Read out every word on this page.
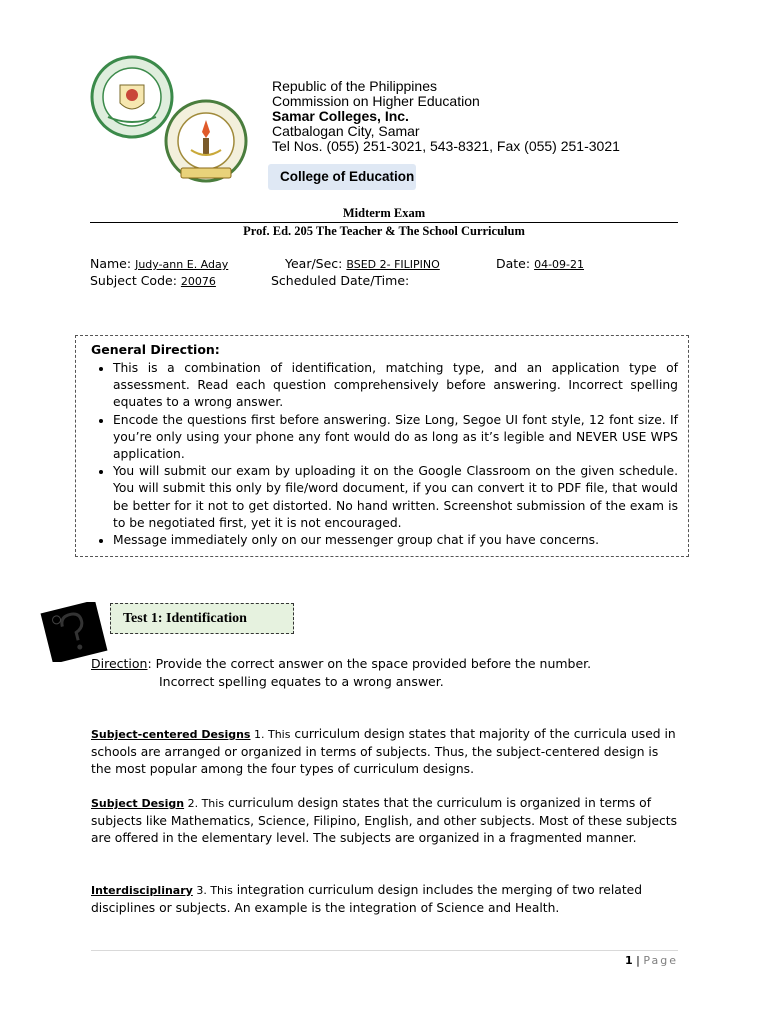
Republic of the Philippines
Commission on Higher Education
Samar Colleges, Inc.
Catbalogan City, Samar
Tel Nos. (055) 251-3021, 543-8321, Fax (055) 251-3021
College of Education
Midterm Exam
Prof. Ed. 205 The Teacher & The School Curriculum
Name: Judy-ann E. Aday	Year/Sec: BSED 2- FILIPINO	Date: 04-09-21
Subject Code: 20076	Scheduled Date/Time:
General Direction:
• This is a combination of identification, matching type, and an application type of assessment. Read each question comprehensively before answering. Incorrect spelling equates to a wrong answer.
• Encode the questions first before answering. Size Long, Segoe UI font style, 12 font size. If you’re only using your phone any font would do as long as it’s legible and NEVER USE WPS application.
• You will submit our exam by uploading it on the Google Classroom on the given schedule. You will submit this only by file/word document, if you can convert it to PDF file, that would be better for it not to get distorted. No hand written. Screenshot submission of the exam is to be negotiated first, yet it is not encouraged.
• Message immediately only on our messenger group chat if you have concerns.
Test 1: Identification
Direction: Provide the correct answer on the space provided before the number.
Incorrect spelling equates to a wrong answer.
Subject-centered Designs 1. This curriculum design states that majority of the curricula used in schools are arranged or organized in terms of subjects. Thus, the subject-centered design is the most popular among the four types of curriculum designs.
Subject Design 2. This curriculum design states that the curriculum is organized in terms of subjects like Mathematics, Science, Filipino, English, and other subjects. Most of these subjects are offered in the elementary level. The subjects are organized in a fragmented manner.
Interdisciplinary 3. This integration curriculum design includes the merging of two related disciplines or subjects. An example is the integration of Science and Health.
1 | Page
